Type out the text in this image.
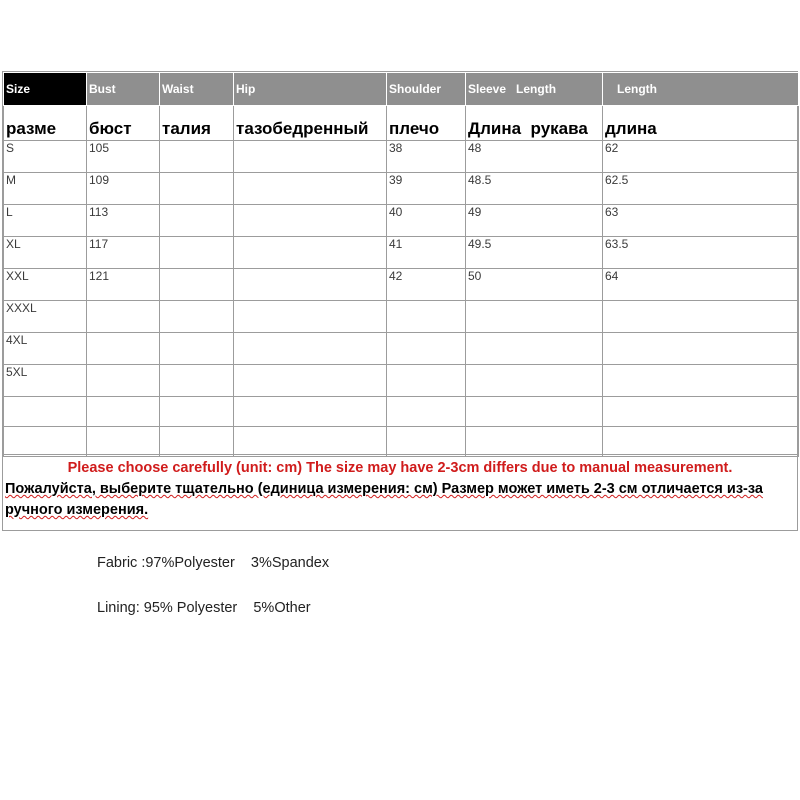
Size	Bust	Waist	Hip	Shoulder	Sleeve   Length	Length
разме	бюст	талия	тазобедренный	плечо	Длина  рукава	длина
S	105			38	48	62
M	109			39	48.5	62.5
L	113			40	49	63
XL	117			41	49.5	63.5
XXL	121			42	50	64
XXXL						
4XL						
5XL						

Please choose carefully (unit: cm) The size may have 2-3cm differs due to manual measurement.
Пожалуйста, выберите тщательно (единица измерения: см) Размер может иметь 2-3 см отличается из-за ручного измерения.
Fabric :97%Polyester    3%Spandex
Lining: 95% Polyester    5%Other
